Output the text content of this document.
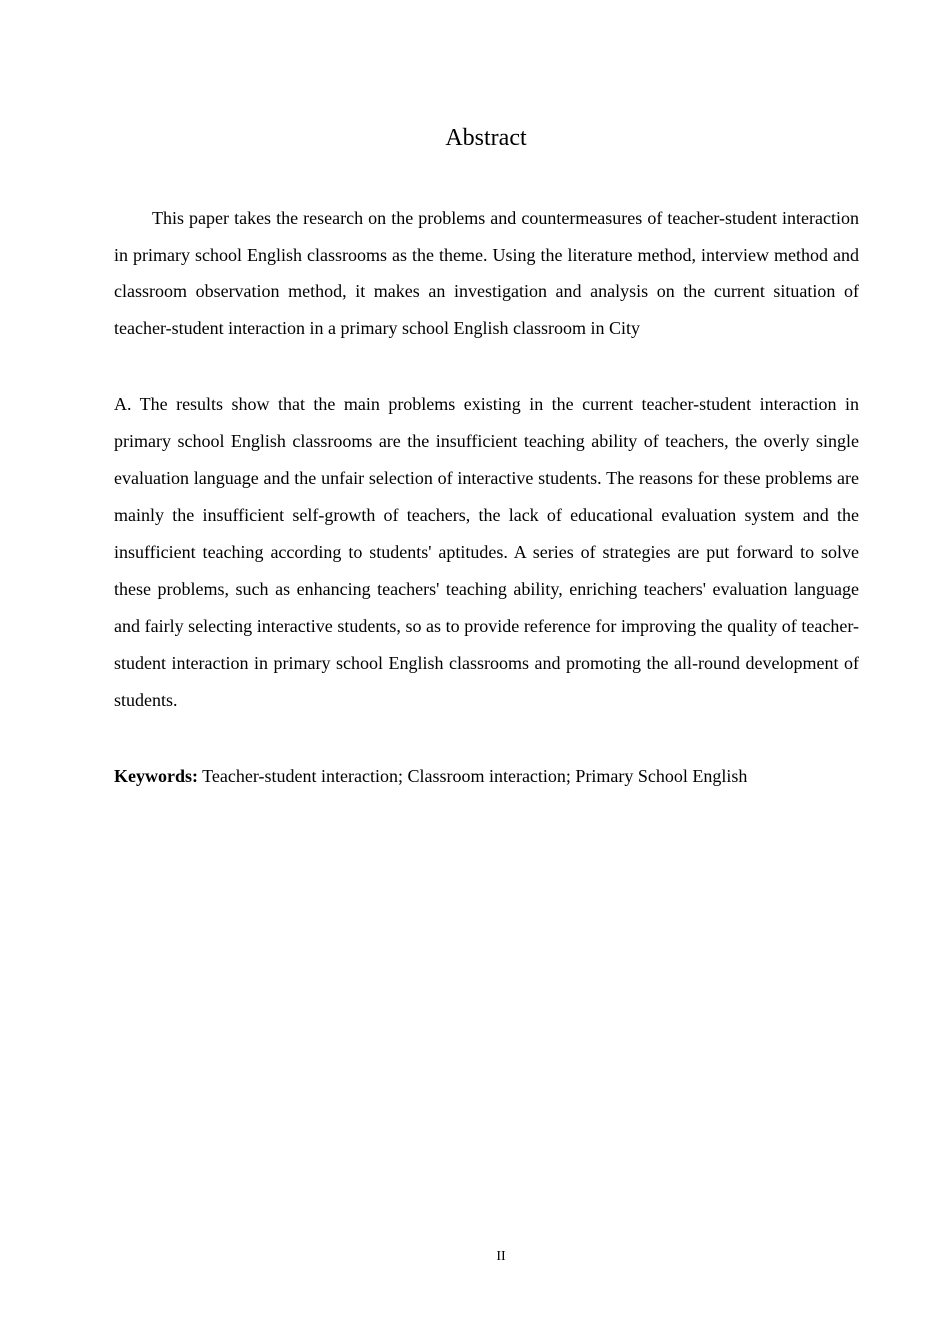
Abstract

This paper takes the research on the problems and countermeasures of teacher-student interaction in primary school English classrooms as the theme. Using the literature method, interview method and classroom observation method, it makes an investigation and analysis on the current situation of teacher-student interaction in a primary school English classroom in City

A. The results show that the main problems existing in the current teacher-student interaction in primary school English classrooms are the insufficient teaching ability of teachers, the overly single evaluation language and the unfair selection of interactive students. The reasons for these problems are mainly the insufficient self-growth of teachers, the lack of educational evaluation system and the insufficient teaching according to students' aptitudes. A series of strategies are put forward to solve these problems, such as enhancing teachers' teaching ability, enriching teachers' evaluation language and fairly selecting interactive students, so as to provide reference for improving the quality of teacher-student interaction in primary school English classrooms and promoting the all-round development of students.

Keywords: Teacher-student interaction; Classroom interaction; Primary School English

II
